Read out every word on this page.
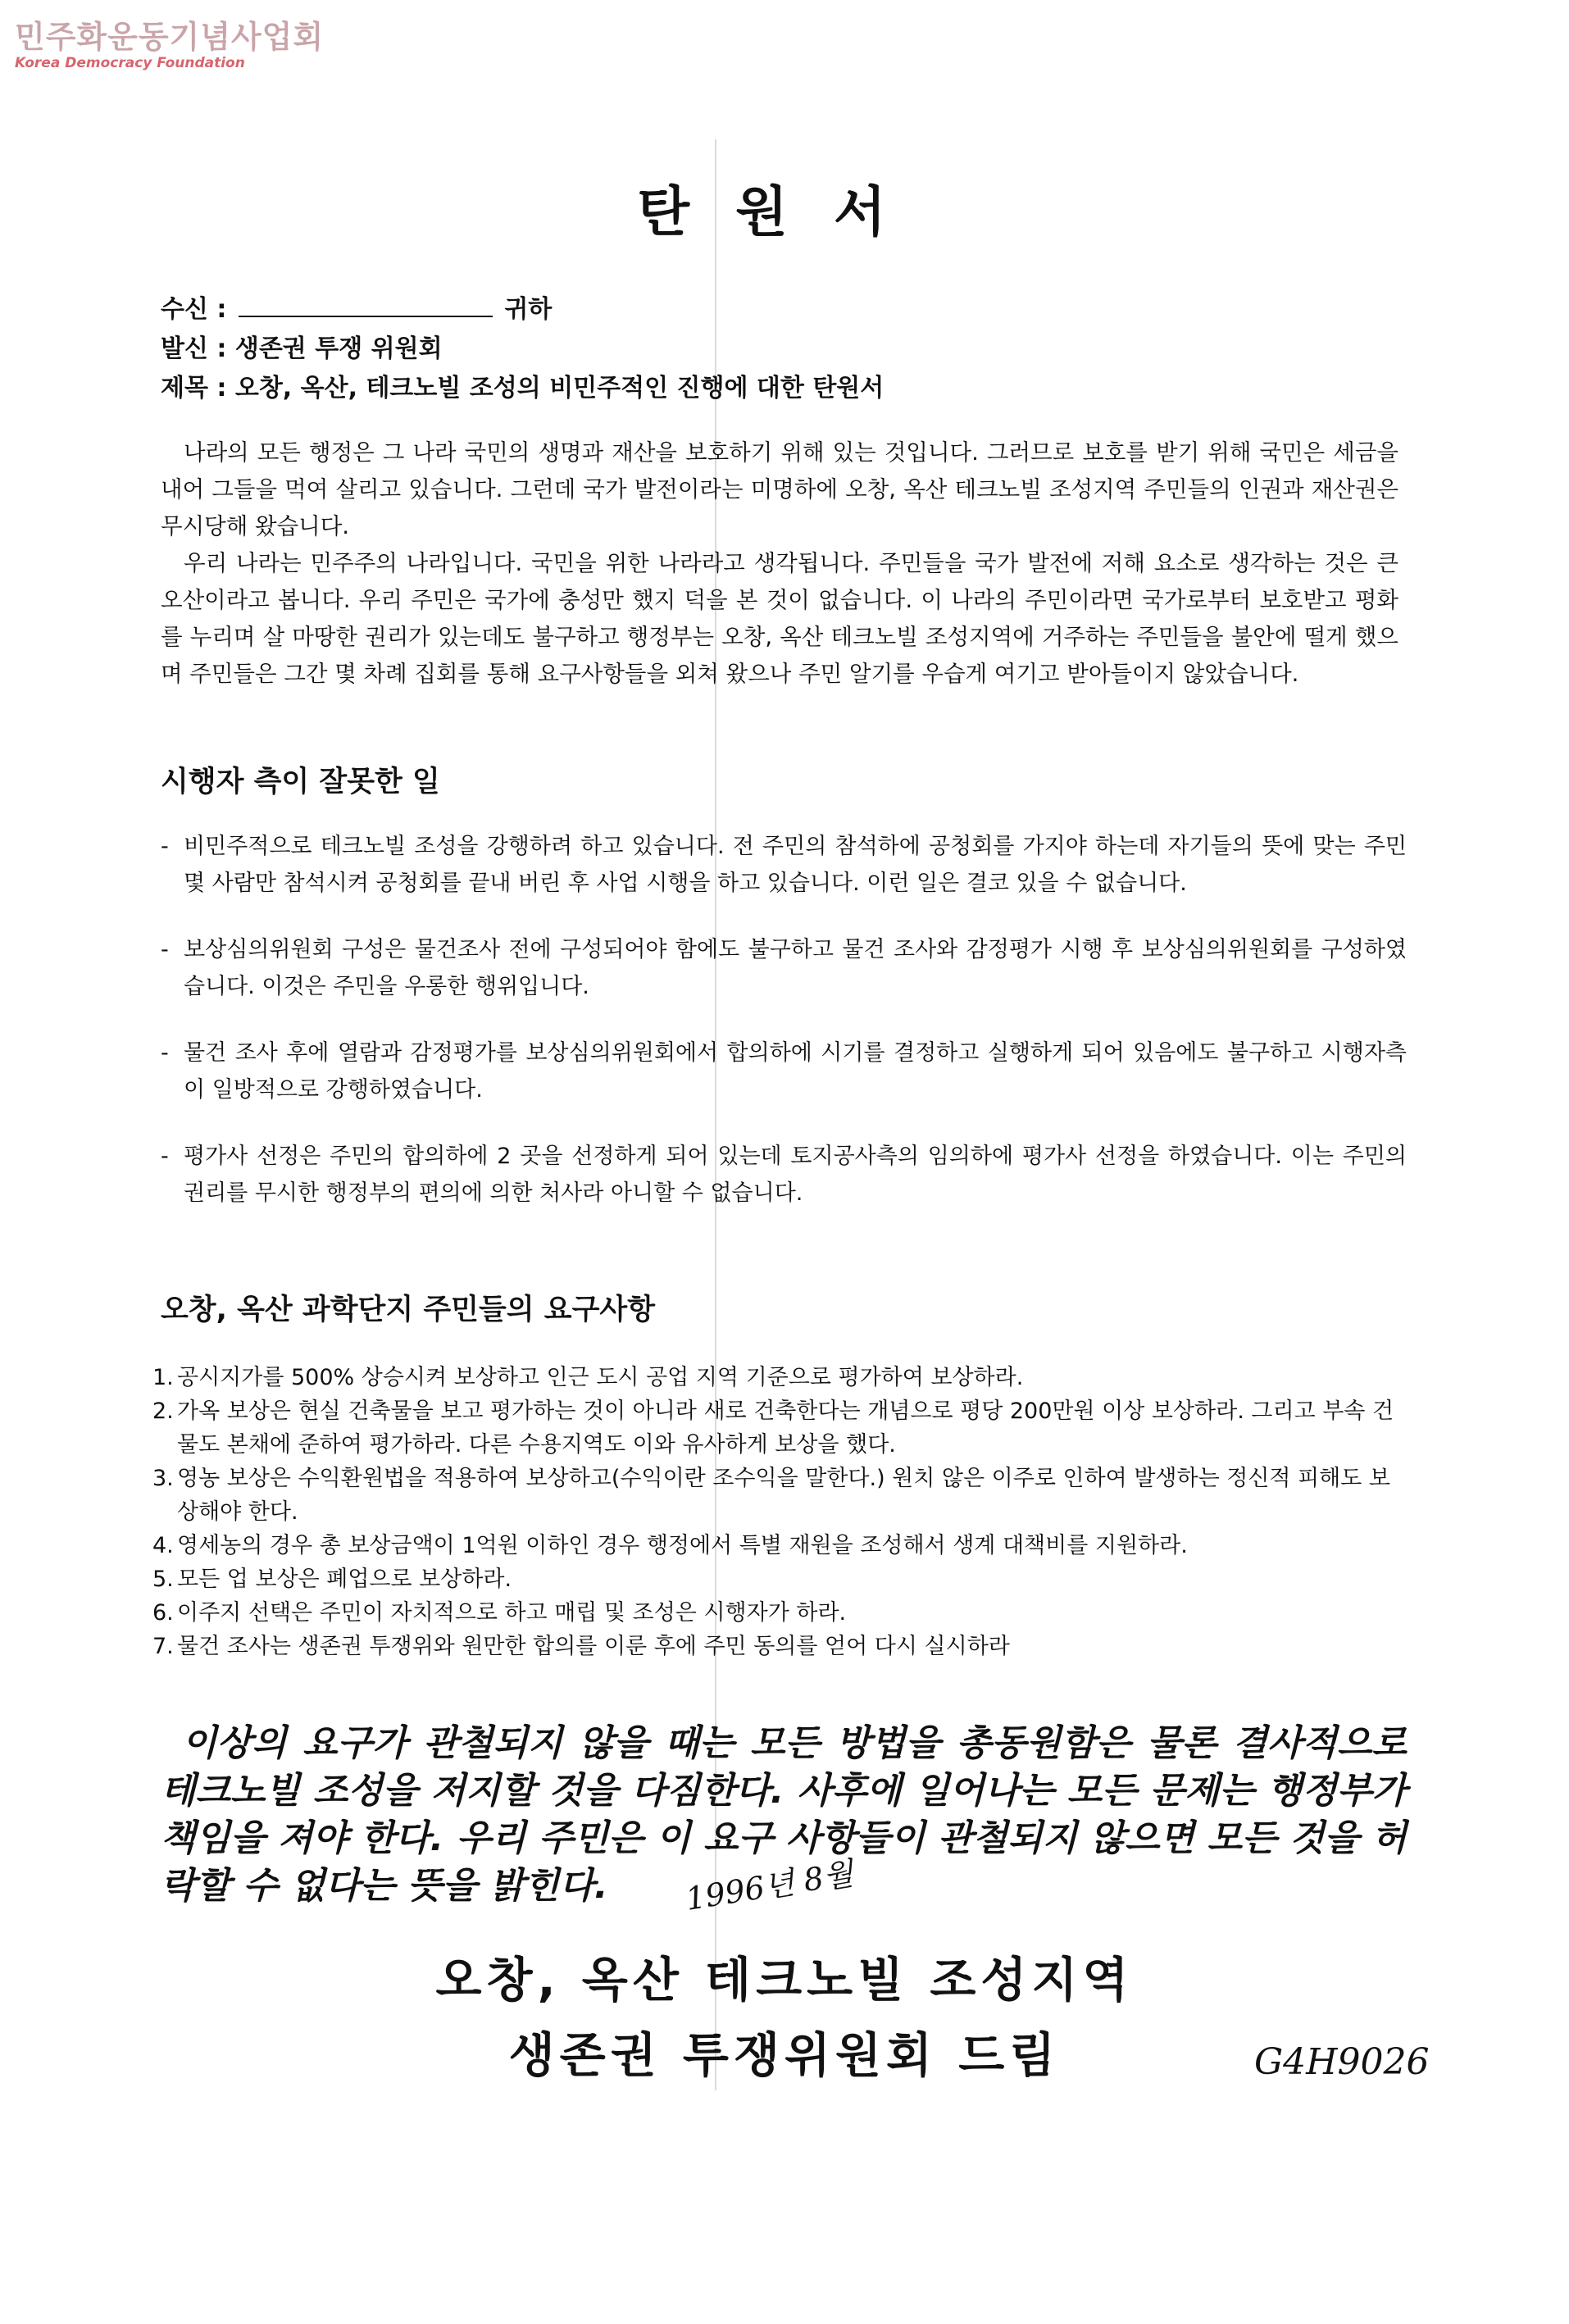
민주화운동기념사업회
Korea Democracy Foundation
탄원서
수신 :	귀하
발신 : 생존권 투쟁 위원회
제목 : 오창, 옥산, 테크노빌 조성의 비민주적인 진행에 대한 탄원서

나라의 모든 행정은 그 나라 국민의 생명과 재산을 보호하기 위해 있는 것입니다. 그러므로 보호를 받기 위해 국민은 세금을 내어 그들을 먹여 살리고 있습니다. 그런데 국가 발전이라는 미명하에 오창, 옥산 테크노빌 조성지역 주민들의 인권과 재산권은 무시당해 왔습니다.

우리 나라는 민주주의 나라입니다. 국민을 위한 나라라고 생각됩니다. 주민들을 국가 발전에 저해 요소로 생각하는 것은 큰 오산이라고 봅니다. 우리 주민은 국가에 충성만 했지 덕을 본 것이 없습니다. 이 나라의 주민이라면 국가로부터 보호받고 평화를 누리며 살 마땅한 권리가 있는데도 불구하고 행정부는 오창, 옥산 테크노빌 조성지역에 거주하는 주민들을 불안에 떨게 했으며 주민들은 그간 몇 차례 집회를 통해 요구사항들을 외쳐 왔으나 주민 알기를 우습게 여기고 받아들이지 않았습니다.

시행자 측이 잘못한 일
- 비민주적으로 테크노빌 조성을 강행하려 하고 있습니다. 전 주민의 참석하에 공청회를 가지야 하는데 자기들의 뜻에 맞는 주민 몇 사람만 참석시켜 공청회를 끝내 버린 후 사업 시행을 하고 있습니다. 이런 일은 결코 있을 수 없습니다.
- 보상심의위원회 구성은 물건조사 전에 구성되어야 함에도 불구하고 물건 조사와 감정평가 시행 후 보상심의위원회를 구성하였습니다. 이것은 주민을 우롱한 행위입니다.
- 물건 조사 후에 열람과 감정평가를 보상심의위원회에서 합의하에 시기를 결정하고 실행하게 되어 있음에도 불구하고 시행자측이 일방적으로 강행하였습니다.
- 평가사 선정은 주민의 합의하에 2 곳을 선정하게 되어 있는데 토지공사측의 임의하에 평가사 선정을 하였습니다. 이는 주민의 권리를 무시한 행정부의 편의에 의한 처사라 아니할 수 없습니다.
오창, 옥산 과학단지 주민들의 요구사항
1. 공시지가를 500% 상승시켜 보상하고 인근 도시 공업 지역 기준으로 평가하여 보상하라.
2. 가옥 보상은 현실 건축물을 보고 평가하는 것이 아니라 새로 건축한다는 개념으로 평당 200만원 이상 보상하라. 그리고 부속 건물도 본채에 준하여 평가하라. 다른 수용지역도 이와 유사하게 보상을 했다.
3. 영농 보상은 수익환원법을 적용하여 보상하고(수익이란 조수익을 말한다.) 원치 않은 이주로 인하여 발생하는 정신적 피해도 보상해야 한다.
4. 영세농의 경우 총 보상금액이 1억원 이하인 경우 행정에서 특별 재원을 조성해서 생계 대책비를 지원하라.
5. 모든 업 보상은 폐업으로 보상하라.
6. 이주지 선택은 주민이 자치적으로 하고 매립 및 조성은 시행자가 하라.
7. 물건 조사는 생존권 투쟁위와 원만한 합의를 이룬 후에 주민 동의를 얻어 다시 실시하라
이상의 요구가 관철되지 않을 때는 모든 방법을 총동원함은 물론 결사적으로 테크노빌 조성을 저지할 것을 다짐한다. 사후에 일어나는 모든 문제는 행정부가 책임을 져야 한다. 우리 주민은 이 요구 사항들이 관철되지 않으면 모든 것을 허락할 수 없다는 뜻을 밝힌다.	1996년 8월
오창, 옥산 테크노빌 조성지역
생존권 투쟁위원회 드림	G4H9026
